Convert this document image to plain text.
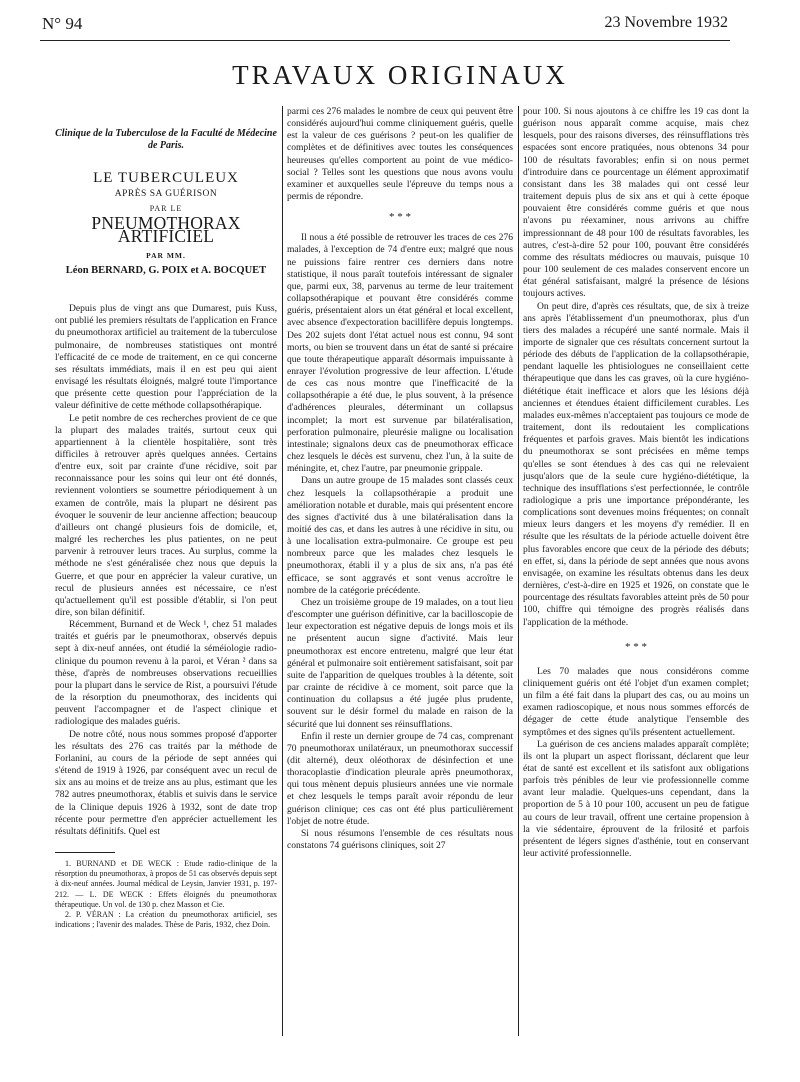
N° 94	23 Novembre 1932
TRAVAUX ORIGINAUX
Clinique de la Tuberculose de la Faculté de Médecine de Paris.
LE TUBERCULEUX
APRÈS SA GUÉRISON
PAR LE
PNEUMOTHORAX ARTIFICIEL
PAR MM.
Léon BERNARD, G. POIX et A. BOCQUET

Depuis plus de vingt ans que Dumarest, puis Kuss, ont publié les premiers résultats de l'application en France du pneumothorax artificiel au traitement de la tuberculose pulmonaire, de nombreuses statistiques ont montré l'efficacité de ce mode de traitement, en ce qui concerne ses résultats immédiats, mais il en est peu qui aient envisagé les résultats éloignés, malgré toute l'importance que présente cette question pour l'appréciation de la valeur définitive de cette méthode collapsothérapique.

Le petit nombre de ces recherches provient de ce que la plupart des malades traités, surtout ceux qui appartiennent à la clientèle hospitalière, sont très difficiles à retrouver après quelques années. Certains d'entre eux, soit par crainte d'une récidive, soit par reconnaissance pour les soins qui leur ont été donnés, reviennent volontiers se soumettre périodiquement à un examen de contrôle, mais la plupart ne désirent pas évoquer le souvenir de leur ancienne affection; beaucoup d'ailleurs ont changé plusieurs fois de domicile, et, malgré les recherches les plus patientes, on ne peut parvenir à retrouver leurs traces. Au surplus, comme la méthode ne s'est généralisée chez nous que depuis la Guerre, et que pour en apprécier la valeur curative, un recul de plusieurs années est nécessaire, ce n'est qu'actuellement qu'il est possible d'établir, si l'on peut dire, son bilan définitif.

Récemment, Burnand et de Weck ¹, chez 51 malades traités et guéris par le pneumothorax, observés depuis sept à dix-neuf années, ont étudié la séméiologie radio-clinique du poumon revenu à la paroi, et Véran ² dans sa thèse, d'après de nombreuses observations recueillies pour la plupart dans le service de Rist, a poursuivi l'étude de la résorption du pneumothorax, des incidents qui peuvent l'accompagner et de l'aspect clinique et radiologique des malades guéris.

De notre côté, nous nous sommes proposé d'apporter les résultats des 276 cas traités par la méthode de Forlanini, au cours de la période de sept années qui s'étend de 1919 à 1926, par conséquent avec un recul de six ans au moins et de treize ans au plus, estimant que les 782 autres pneumothorax, établis et suivis dans le service de la Clinique depuis 1926 à 1932, sont de date trop récente pour permettre d'en apprécier actuellement les résultats définitifs. Quel est

1. BURNAND et DE WECK : Etude radio-clinique de la résorption du pneumothorax, à propos de 51 cas observés depuis sept à dix-neuf années. Journal médical de Leysin, Janvier 1931, p. 197-212. — L. DE WECK : Effets éloignés du pneumothorax thérapeutique. Un vol. de 130 p. chez Masson et Cie.

2. P. VÉRAN : La création du pneumothorax artificiel, ses indications ; l'avenir des malades. Thèse de Paris, 1932, chez Doin.

parmi ces 276 malades le nombre de ceux qui peuvent être considérés aujourd'hui comme cliniquement guéris, quelle est la valeur de ces guérisons ? peut-on les qualifier de complètes et de définitives avec toutes les conséquences heureuses qu'elles comportent au point de vue médico-social ? Telles sont les questions que nous avons voulu examiner et auxquelles seule l'épreuve du temps nous a permis de répondre.

* * *

Il nous a été possible de retrouver les traces de ces 276 malades, à l'exception de 74 d'entre eux; malgré que nous ne puissions faire rentrer ces derniers dans notre statistique, il nous paraît toutefois intéressant de signaler que, parmi eux, 38, parvenus au terme de leur traitement collapsothérapique et pouvant être considérés comme guéris, présentaient alors un état général et local excellent, avec absence d'expectoration bacillifère depuis longtemps. Des 202 sujets dont l'état actuel nous est connu, 94 sont morts, ou bien se trouvent dans un état de santé si précaire que toute thérapeutique apparaît désormais impuissante à enrayer l'évolution progressive de leur affection. L'étude de ces cas nous montre que l'inefficacité de la collapsothérapie a été due, le plus souvent, à la présence d'adhérences pleurales, déterminant un collapsus incomplet; la mort est survenue par bilatéralisation, perforation pulmonaire, pleurésie maligne ou localisation intestinale; signalons deux cas de pneumothorax efficace chez lesquels le décès est survenu, chez l'un, à la suite de méningite, et, chez l'autre, par pneumonie grippale.

Dans un autre groupe de 15 malades sont classés ceux chez lesquels la collapsothérapie a produit une amélioration notable et durable, mais qui présentent encore des signes d'activité dus à une bilatéralisation dans la moitié des cas, et dans les autres à une récidive in situ, ou à une localisation extra-pulmonaire. Ce groupe est peu nombreux parce que les malades chez lesquels le pneumothorax, établi il y a plus de six ans, n'a pas été efficace, se sont aggravés et sont venus accroître le nombre de la catégorie précédente.

Chez un troisième groupe de 19 malades, on a tout lieu d'escompter une guérison définitive, car la bacilloscopie de leur expectoration est négative depuis de longs mois et ils ne présentent aucun signe d'activité. Mais leur pneumothorax est encore entretenu, malgré que leur état général et pulmonaire soit entièrement satisfaisant, soit par suite de l'apparition de quelques troubles à la détente, soit par crainte de récidive à ce moment, soit parce que la continuation du collapsus a été jugée plus prudente, souvent sur le désir formel du malade en raison de la sécurité que lui donnent ses réinsufflations.

Enfin il reste un dernier groupe de 74 cas, comprenant 70 pneumothorax unilatéraux, un pneumothorax successif (dit alterné), deux oléothorax de désinfection et une thoracoplastie d'indication pleurale après pneumothorax, qui tous mènent depuis plusieurs années une vie normale et chez lesquels le temps paraît avoir répondu de leur guérison clinique; ces cas ont été plus particulièrement l'objet de notre étude.

Si nous résumons l'ensemble de ces résultats nous constatons 74 guérisons cliniques, soit 27

pour 100. Si nous ajoutons à ce chiffre les 19 cas dont la guérison nous apparaît comme acquise, mais chez lesquels, pour des raisons diverses, des réinsufflations très espacées sont encore pratiquées, nous obtenons 34 pour 100 de résultats favorables; enfin si on nous permet d'introduire dans ce pourcentage un élément approximatif consistant dans les 38 malades qui ont cessé leur traitement depuis plus de six ans et qui à cette époque pouvaient être considérés comme guéris et que nous n'avons pu réexaminer, nous arrivons au chiffre impressionnant de 48 pour 100 de résultats favorables, les autres, c'est-à-dire 52 pour 100, pouvant être considérés comme des résultats médiocres ou mauvais, puisque 10 pour 100 seulement de ces malades conservent encore un état général satisfaisant, malgré la présence de lésions toujours actives.

On peut dire, d'après ces résultats, que, de six à treize ans après l'établissement d'un pneumothorax, plus d'un tiers des malades a récupéré une santé normale. Mais il importe de signaler que ces résultats concernent surtout la période des débuts de l'application de la collapsothérapie, pendant laquelle les phtisiologues ne conseillaient cette thérapeutique que dans les cas graves, où la cure hygiéno-diététique était inefficace et alors que les lésions déjà anciennes et étendues étaient difficilement curables. Les malades eux-mêmes n'acceptaient pas toujours ce mode de traitement, dont ils redoutaient les complications fréquentes et parfois graves. Mais bientôt les indications du pneumothorax se sont précisées en même temps qu'elles se sont étendues à des cas qui ne relevaient jusqu'alors que de la seule cure hygiéno-diététique, la technique des insufflations s'est perfectionnée, le contrôle radiologique a pris une importance prépondérante, les complications sont devenues moins fréquentes; on connaît mieux leurs dangers et les moyens d'y remédier. Il en résulte que les résultats de la période actuelle doivent être plus favorables encore que ceux de la période des débuts; en effet, si, dans la période de sept années que nous avons envisagée, on examine les résultats obtenus dans les deux dernières, c'est-à-dire en 1925 et 1926, on constate que le pourcentage des résultats favorables atteint près de 50 pour 100, chiffre qui témoigne des progrès réalisés dans l'application de la méthode.

* * *

Les 70 malades que nous considérons comme cliniquement guéris ont été l'objet d'un examen complet; un film a été fait dans la plupart des cas, ou au moins un examen radioscopique, et nous nous sommes efforcés de dégager de cette étude analytique l'ensemble des symptômes et des signes qu'ils présentent actuellement.

La guérison de ces anciens malades apparaît complète; ils ont la plupart un aspect florissant, déclarent que leur état de santé est excellent et ils satisfont aux obligations parfois très pénibles de leur vie professionnelle comme avant leur maladie. Quelques-uns cependant, dans la proportion de 5 à 10 pour 100, accusent un peu de fatigue au cours de leur travail, offrent une certaine propension à la vie sédentaire, éprouvent de la frilosité et parfois présentent de légers signes d'asthénie, tout en conservant leur activité professionnelle.
